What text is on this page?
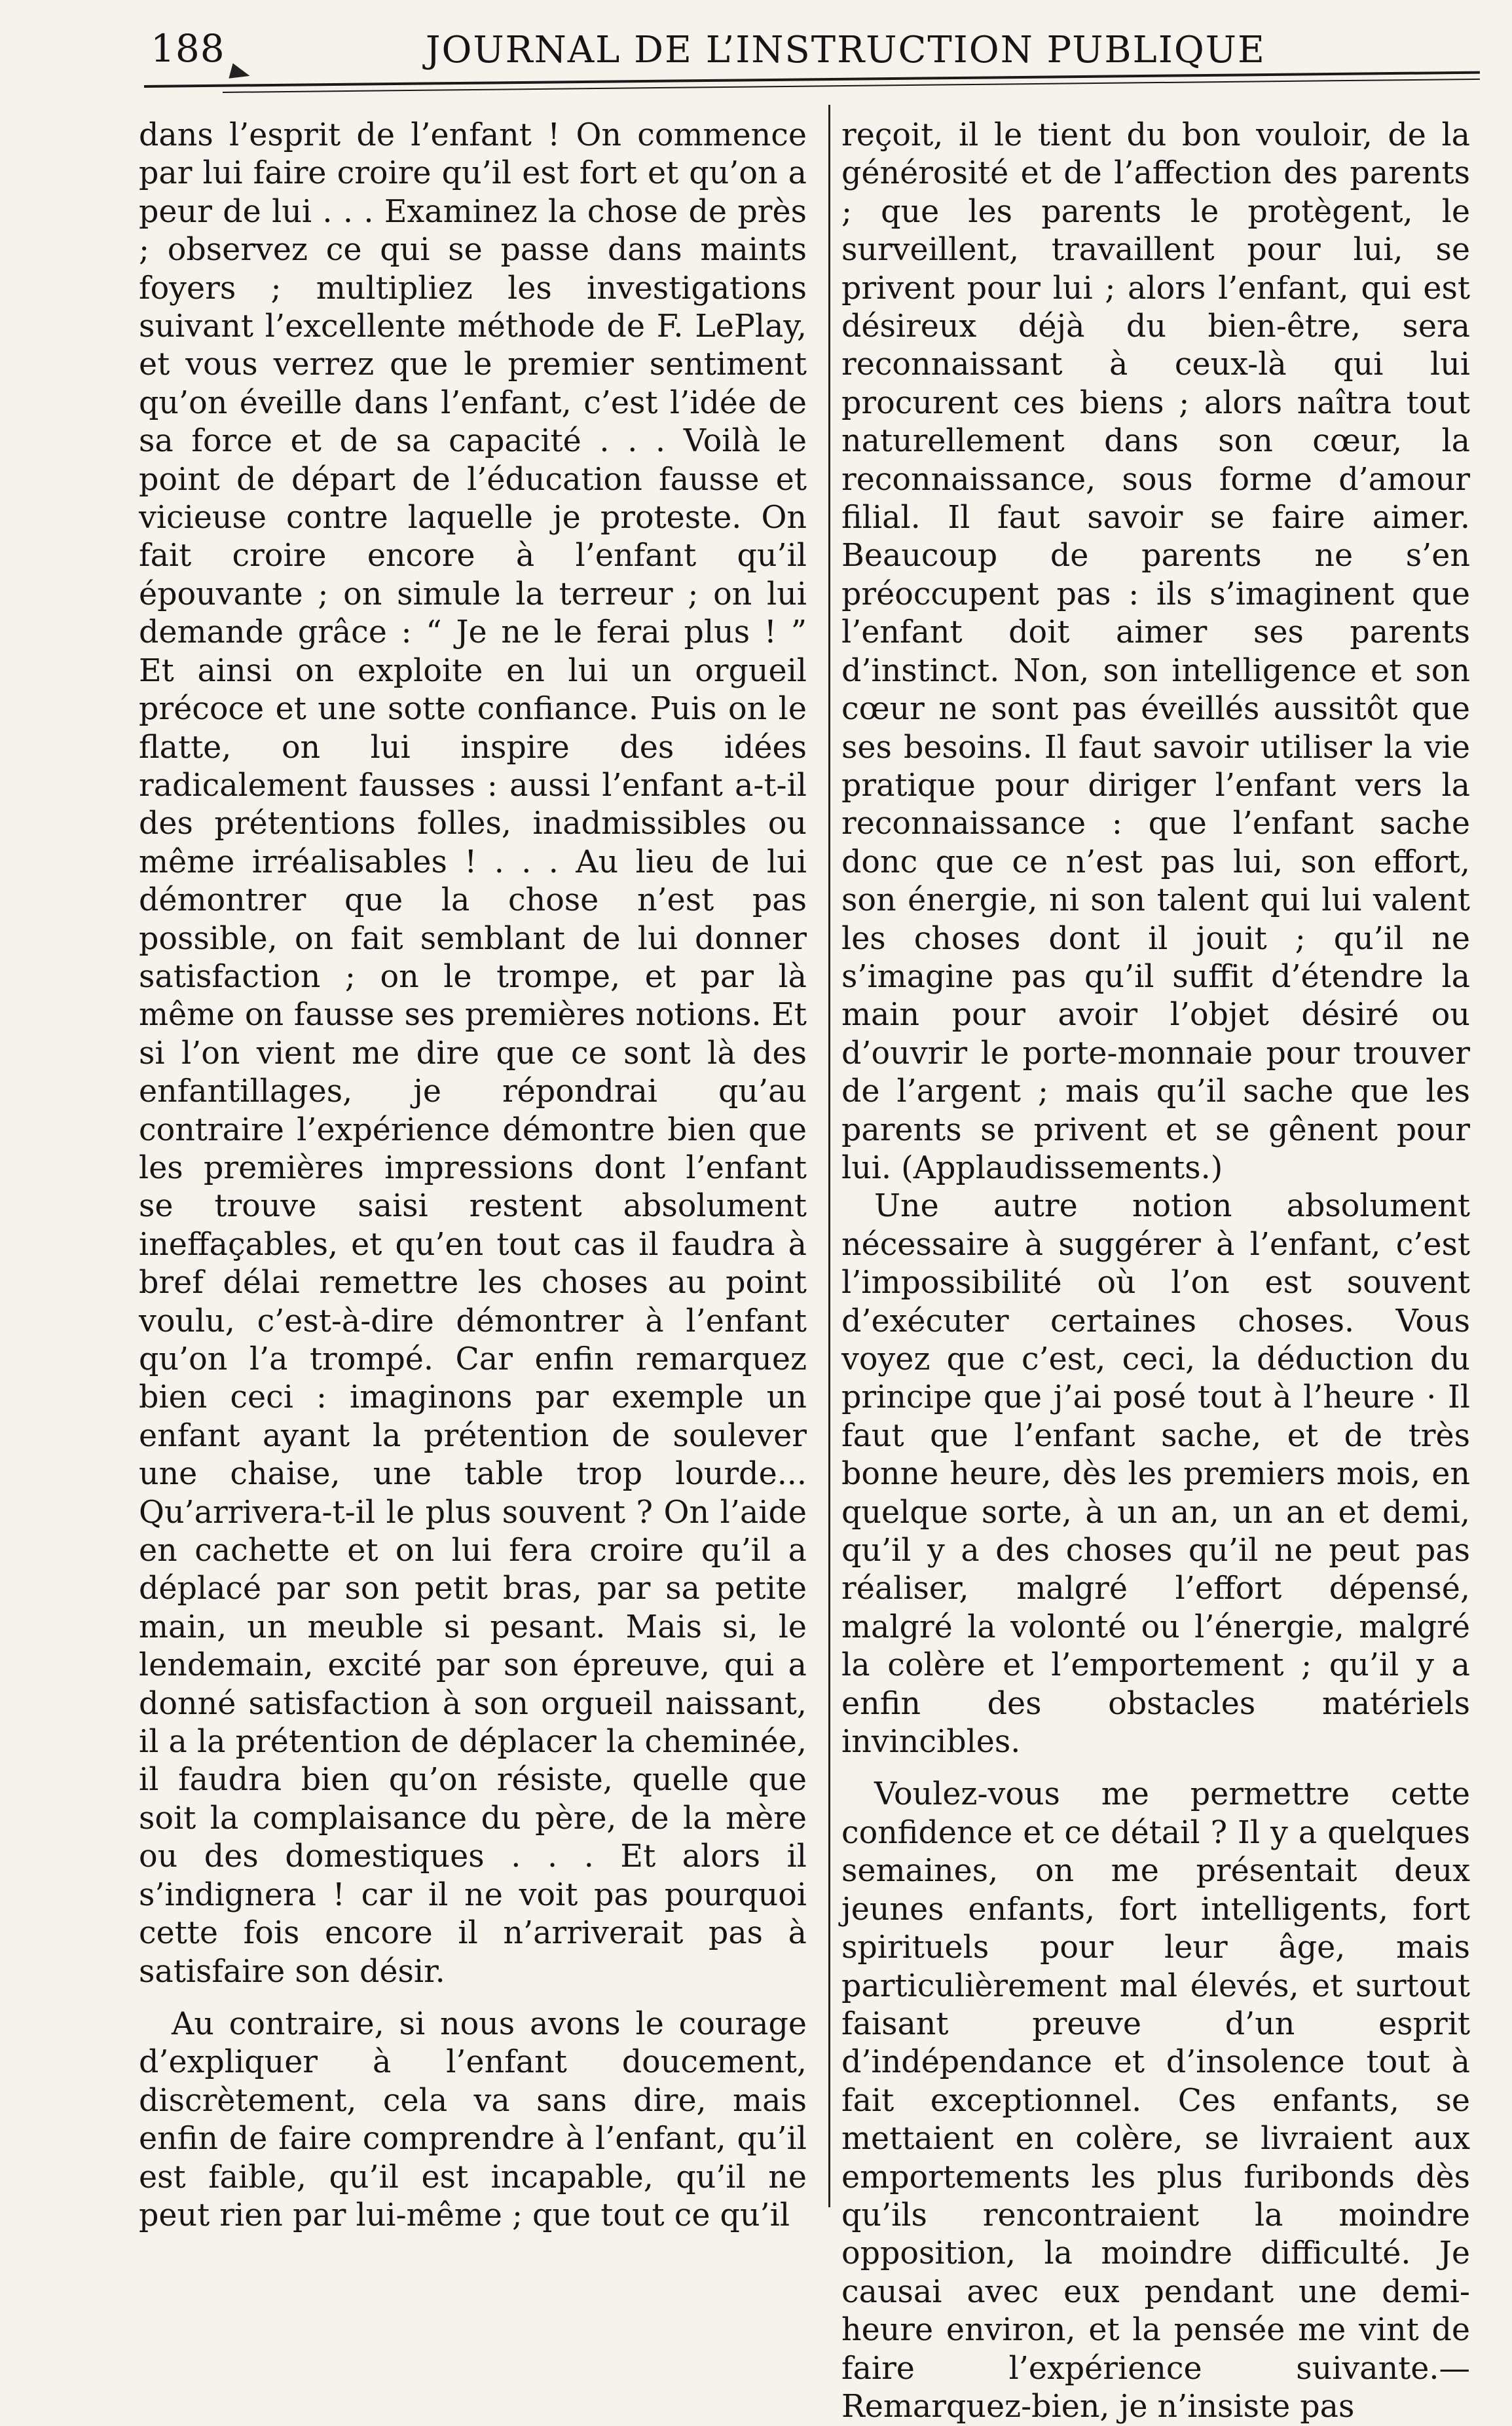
188	JOURNAL DE L’INSTRUCTION PUBLIQUE

dans l’esprit de l’enfant ! On commence par lui faire croire qu’il est fort et qu’on a peur de lui . . . Examinez la chose de près ; observez ce qui se passe dans maints foyers ; multipliez les investigations suivant l’excellente méthode de F. LePlay, et vous verrez que le premier sentiment qu’on éveille dans l’enfant, c’est l’idée de sa force et de sa capacité . . . Voilà le point de départ de l’éducation fausse et vicieuse contre laquelle je proteste. On fait croire encore à l’enfant qu’il épouvante ; on simule la terreur ; on lui demande grâce : “ Je ne le ferai plus ! ” Et ainsi on exploite en lui un orgueil précoce et une sotte confiance. Puis on le flatte, on lui inspire des idées radicalement fausses : aussi l’enfant a-t-il des prétentions folles, inadmissibles ou même irréalisables ! . . . Au lieu de lui démontrer que la chose n’est pas possible, on fait semblant de lui donner satisfaction ; on le trompe, et par là même on fausse ses premières notions. Et si l’on vient me dire que ce sont là des enfantillages, je répondrai qu’au contraire l’expérience démontre bien que les premières impressions dont l’enfant se trouve saisi restent absolument ineffaçables, et qu’en tout cas il faudra à bref délai remettre les choses au point voulu, c’est-à-dire démontrer à l’enfant qu’on l’a trompé. Car enfin remarquez bien ceci : imaginons par exemple un enfant ayant la prétention de soulever une chaise, une table trop lourde... Qu’arrivera-t-il le plus souvent ? On l’aide en cachette et on lui fera croire qu’il a déplacé par son petit bras, par sa petite main, un meuble si pesant. Mais si, le lendemain, excité par son épreuve, qui a donné satisfaction à son orgueil naissant, il a la prétention de déplacer la cheminée, il faudra bien qu’on résiste, quelle que soit la complaisance du père, de la mère ou des domestiques . . . Et alors il s’indignera ! car il ne voit pas pourquoi cette fois encore il n’arriverait pas à satisfaire son désir.

Au contraire, si nous avons le courage d’expliquer à l’enfant doucement, discrètement, cela va sans dire, mais enfin de faire comprendre à l’enfant, qu’il est faible, qu’il est incapable, qu’il ne peut rien par lui-même ; que tout ce qu’il

reçoit, il le tient du bon vouloir, de la générosité et de l’affection des parents ; que les parents le protègent, le surveillent, travaillent pour lui, se privent pour lui ; alors l’enfant, qui est désireux déjà du bien-être, sera reconnaissant à ceux-là qui lui procurent ces biens ; alors naîtra tout naturellement dans son cœur, la reconnaissance, sous forme d’amour filial. Il faut savoir se faire aimer. Beaucoup de parents ne s’en préoccupent pas : ils s’imaginent que l’enfant doit aimer ses parents d’instinct. Non, son intelligence et son cœur ne sont pas éveillés aussitôt que ses besoins. Il faut savoir utiliser la vie pratique pour diriger l’enfant vers la reconnaissance : que l’enfant sache donc que ce n’est pas lui, son effort, son énergie, ni son talent qui lui valent les choses dont il jouit ; qu’il ne s’imagine pas qu’il suffit d’étendre la main pour avoir l’objet désiré ou d’ouvrir le porte-monnaie pour trouver de l’argent ; mais qu’il sache que les parents se privent et se gênent pour lui. (Applaudissements.)

Une autre notion absolument nécessaire à suggérer à l’enfant, c’est l’impossibilité où l’on est souvent d’exécuter certaines choses. Vous voyez que c’est, ceci, la déduction du principe que j’ai posé tout à l’heure · Il faut que l’enfant sache, et de très bonne heure, dès les premiers mois, en quelque sorte, à un an, un an et demi, qu’il y a des choses qu’il ne peut pas réaliser, malgré l’effort dépensé, malgré la volonté ou l’énergie, malgré la colère et l’emportement ; qu’il y a enfin des obstacles matériels invincibles.

Voulez-vous me permettre cette confidence et ce détail ? Il y a quelques semaines, on me présentait deux jeunes enfants, fort intelligents, fort spirituels pour leur âge, mais particulièrement mal élevés, et surtout faisant preuve d’un esprit d’indépendance et d’insolence tout à fait exceptionnel. Ces enfants, se mettaient en colère, se livraient aux emportements les plus furibonds dès qu’ils rencontraient la moindre opposition, la moindre difficulté. Je causai avec eux pendant une demi-heure environ, et la pensée me vint de faire l’expérience suivante.—Remarquez-bien, je n’insiste pas
